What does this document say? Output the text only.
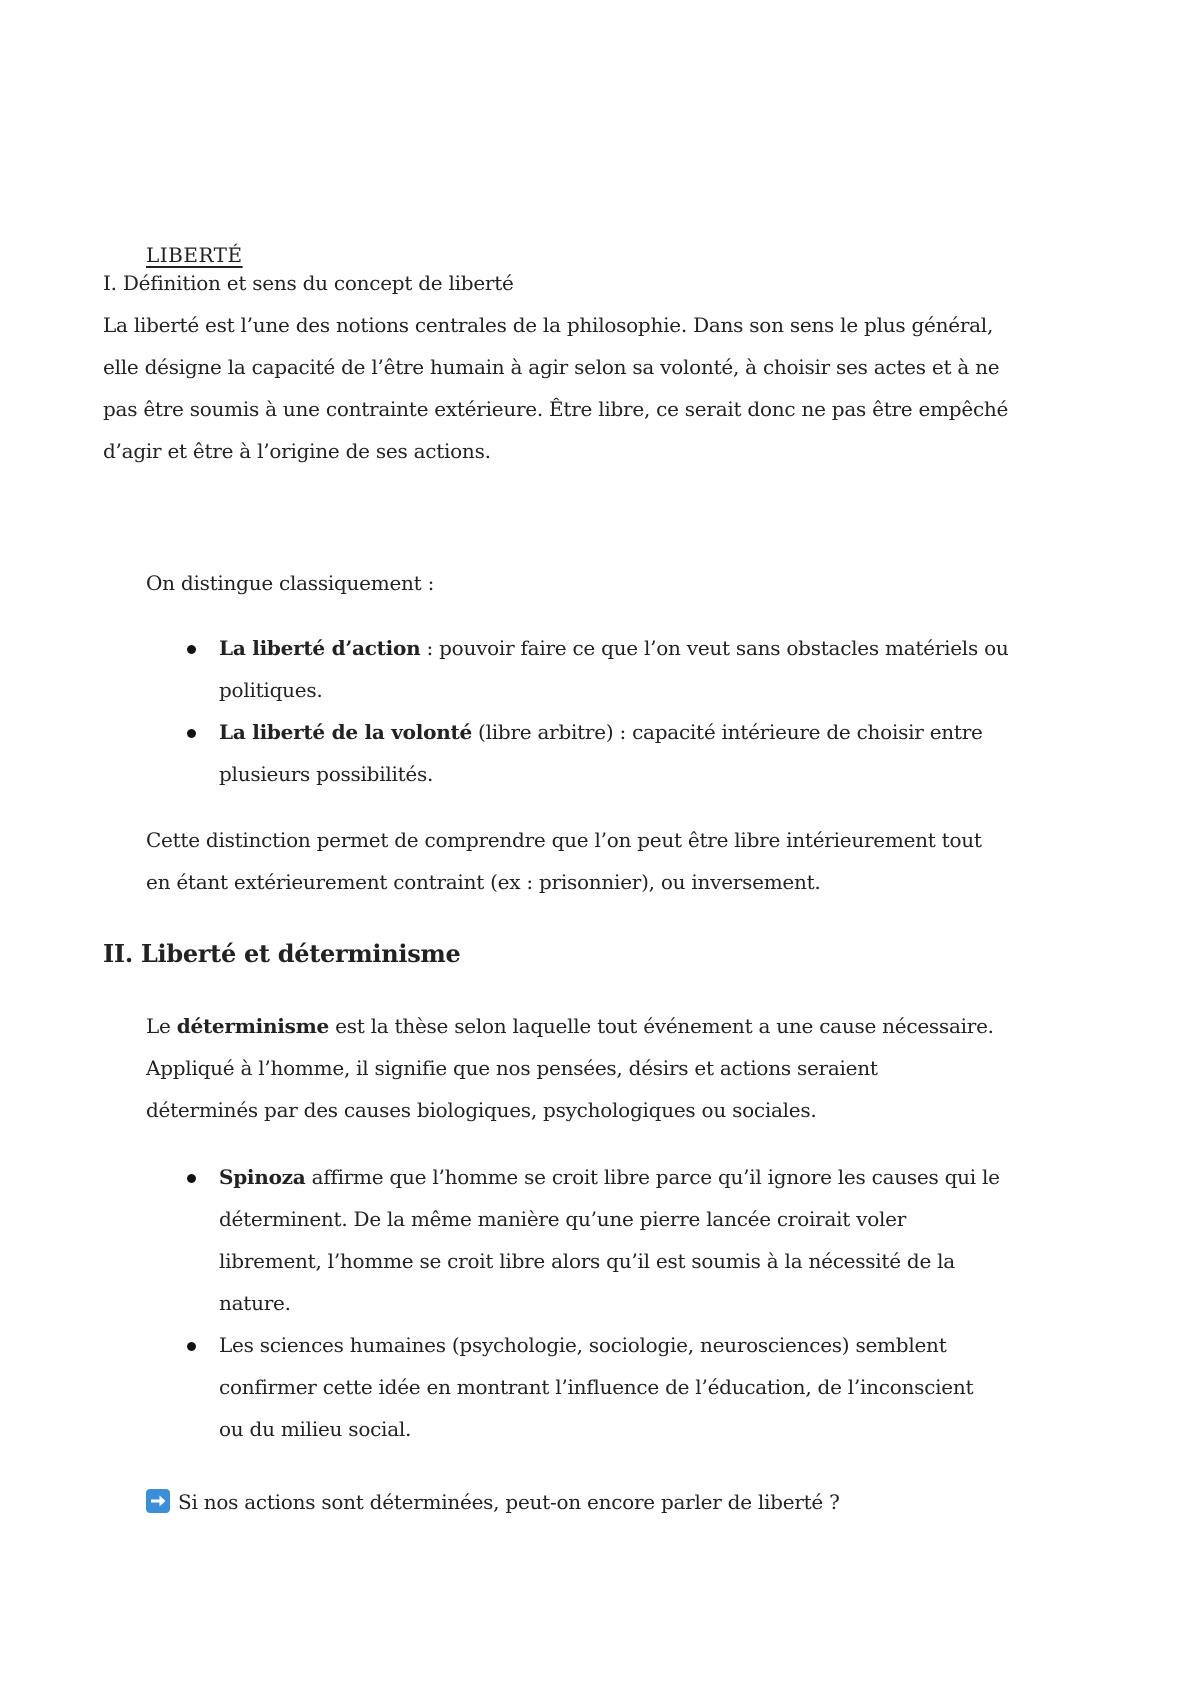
LIBERTÉ

I. Définition et sens du concept de liberté

La liberté est l’une des notions centrales de la philosophie. Dans son sens le plus général,

elle désigne la capacité de l’être humain à agir selon sa volonté, à choisir ses actes et à ne

pas être soumis à une contrainte extérieure. Être libre, ce serait donc ne pas être empêché

d’agir et être à l’origine de ses actions.

On distingue classiquement :

La liberté d’action : pouvoir faire ce que l’on veut sans obstacles matériels ou

politiques.

La liberté de la volonté (libre arbitre) : capacité intérieure de choisir entre

plusieurs possibilités.

Cette distinction permet de comprendre que l’on peut être libre intérieurement tout

en étant extérieurement contraint (ex : prisonnier), ou inversement.

II. Liberté et déterminisme

Le déterminisme est la thèse selon laquelle tout événement a une cause nécessaire.

Appliqué à l’homme, il signifie que nos pensées, désirs et actions seraient

déterminés par des causes biologiques, psychologiques ou sociales.

Spinoza affirme que l’homme se croit libre parce qu’il ignore les causes qui le

déterminent. De la même manière qu’une pierre lancée croirait voler

librement, l’homme se croit libre alors qu’il est soumis à la nécessité de la

nature.

Les sciences humaines (psychologie, sociologie, neurosciences) semblent

confirmer cette idée en montrant l’influence de l’éducation, de l’inconscient

ou du milieu social.

Si nos actions sont déterminées, peut-on encore parler de liberté ?
